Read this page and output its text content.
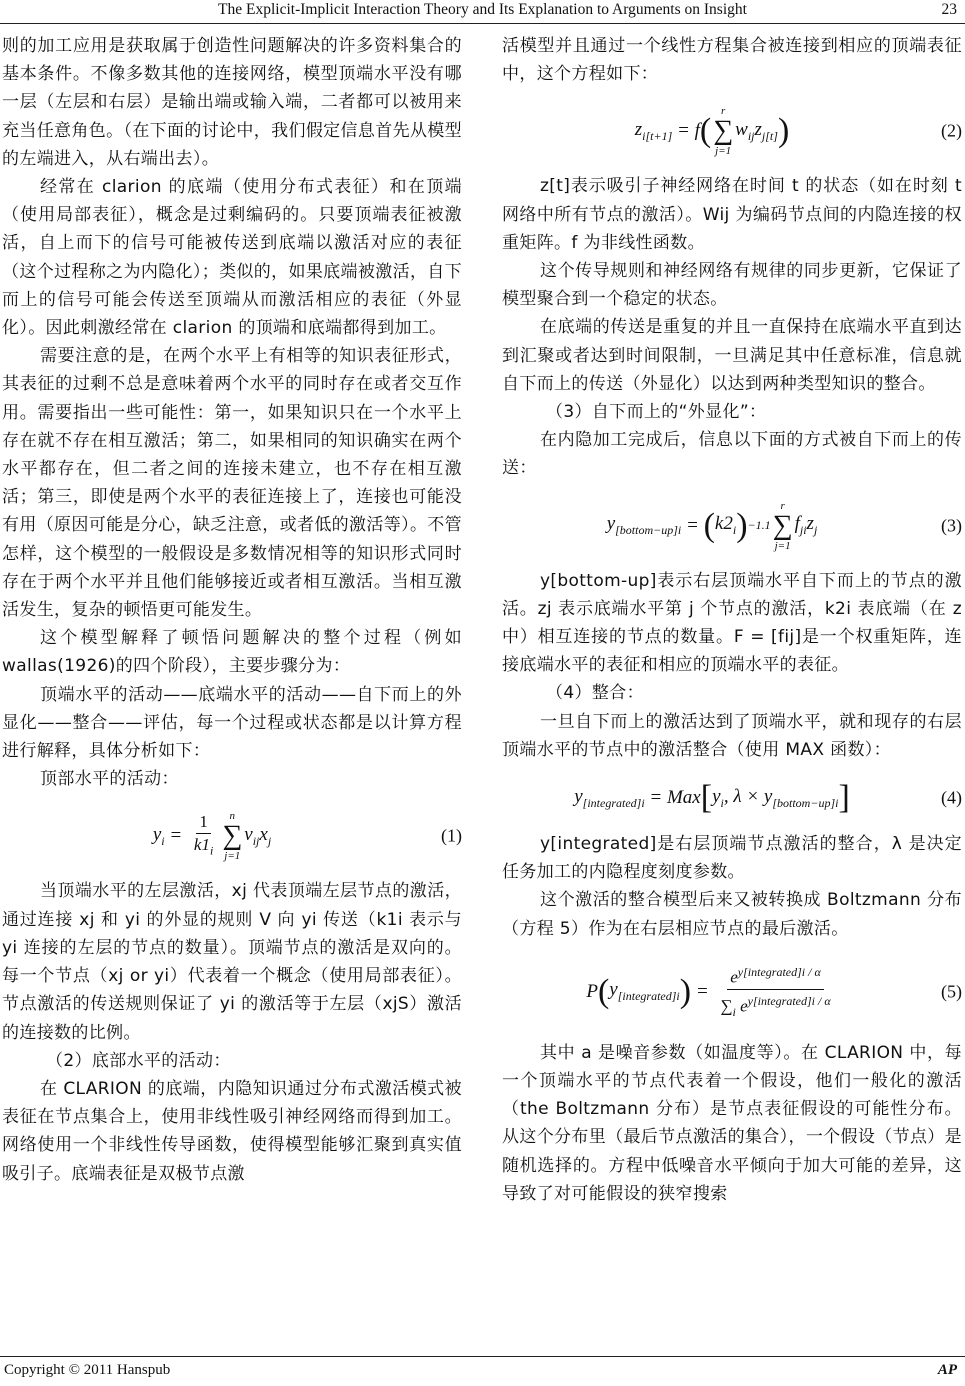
The Explicit-Implicit Interaction Theory and Its Explanation to Arguments on Insight	23

则的加工应用是获取属于创造性问题解决的许多资料集合的基本条件。不像多数其他的连接网络，模型顶端水平没有哪一层（左层和右层）是输出端或输入端，二者都可以被用来充当任意角色。（在下面的讨论中，我们假定信息首先从模型的左端进入，从右端出去）。

经常在 clarion 的底端（使用分布式表征）和在顶端（使用局部表征），概念是过剩编码的。只要顶端表征被激活，自上而下的信号可能被传送到底端以激活对应的表征（这个过程称之为内隐化）；类似的，如果底端被激活，自下而上的信号可能会传送至顶端从而激活相应的表征（外显化）。因此刺激经常在 clarion 的顶端和底端都得到加工。

需要注意的是，在两个水平上有相等的知识表征形式，其表征的过剩不总是意味着两个水平的同时存在或者交互作用。需要指出一些可能性：第一，如果知识只在一个水平上存在就不存在相互激活；第二，如果相同的知识确实在两个水平都存在，但二者之间的连接未建立，也不存在相互激活；第三，即使是两个水平的表征连接上了，连接也可能没有用（原因可能是分心，缺乏注意，或者低的激活等）。不管怎样，这个模型的一般假设是多数情况相等的知识形式同时存在于两个水平并且他们能够接近或者相互激活。当相互激活发生，复杂的顿悟更可能发生。

这个模型解释了顿悟问题解决的整个过程（例如 wallas(1926)的四个阶段），主要步骤分为：

顶端水平的活动——底端水平的活动——自下而上的外显化——整合——评估，每一个过程或状态都是以计算方程进行解释，具体分析如下：

顶部水平的活动：

$y_i = \frac{1}{k1_i}$ n
∑
j=1
$v_{ij}x_j$	(1)

当顶端水平的左层激活，xj 代表顶端左层节点的激活，通过连接 xj 和 yi 的外显的规则 V 向 yi 传送（k1i 表示与 yi 连接的左层的节点的数量）。顶端节点的激活是双向的。每一个节点（xj or yi）代表着一个概念（使用局部表征）。节点激活的传送规则保证了 yi 的激活等于左层（xjS）激活的连接数的比例。

（2）底部水平的活动：

在 CLARION 的底端，内隐知识通过分布式激活模式被表征在节点集合上，使用非线性吸引神经网络而得到加工。网络使用一个非线性传导函数，使得模型能够汇聚到真实值吸引子。底端表征是双极节点激

活模型并且通过一个线性方程集合被连接到相应的顶端表征中，这个方程如下：

$z_{i[t+1]} = f$ (
r
∑
j=1
$w_{ij}z_{j[t]}$ )	(2)

z[t]表示吸引子神经网络在时间 t 的状态（如在时刻 t 网络中所有节点的激活）。Wij 为编码节点间的内隐连接的权重矩阵。f 为非线性函数。

这个传导规则和神经网络有规律的同步更新，它保证了模型聚合到一个稳定的状态。

在底端的传送是重复的并且一直保持在底端水平直到达到汇聚或者达到时间限制，一旦满足其中任意标准，信息就自下而上的传送（外显化）以达到两种类型知识的整合。

（3）自下而上的“外显化”：

在内隐加工完成后，信息以下面的方式被自下而上的传送：

$y_{[bottom-up]i}$ = ( $k2_i$ ) −1.1
r
∑
j=1
$f_{ji}z_j$	(3)

y[bottom-up]表示右层顶端水平自下而上的节点的激活。zj 表示底端水平第 j 个节点的激活，k2i 表底端（在 z 中）相互连接的节点的数量。F = [fij]是一个权重矩阵，连接底端水平的表征和相应的顶端水平的表征。

（4）整合：

一旦自下而上的激活达到了顶端水平，就和现存的右层顶端水平的节点中的激活整合（使用 MAX 函数）：

$y_{[integrated]i}$ = Max [ $y_i$, $\lambda \times y_{[bottom-up]i}$ ]	(4)

y[integrated]是右层顶端节点激活的整合，λ 是决定任务加工的内隐程度刻度参数。

这个激活的整合模型后来又被转换成 Boltzmann 分布（方程 5）作为在右层相应节点的最后激活。

P ( $y_{[integrated]i}$ ) = $\frac{e^{y[integrated]i / \alpha}}{\sum_i e^{y[integrated]i / \alpha}}$	(5)

其中 a 是噪音参数（如温度等）。在 CLARION 中，每一个顶端水平的节点代表着一个假设，他们一般化的激活（the Boltzmann 分布）是节点表征假设的可能性分布。从这个分布里（最后节点激活的集合），一个假设（节点）是随机选择的。方程中低噪音水平倾向于加大可能的差异，这导致了对可能假设的狭窄搜索

Copyright © 2011 Hanspub	AP
